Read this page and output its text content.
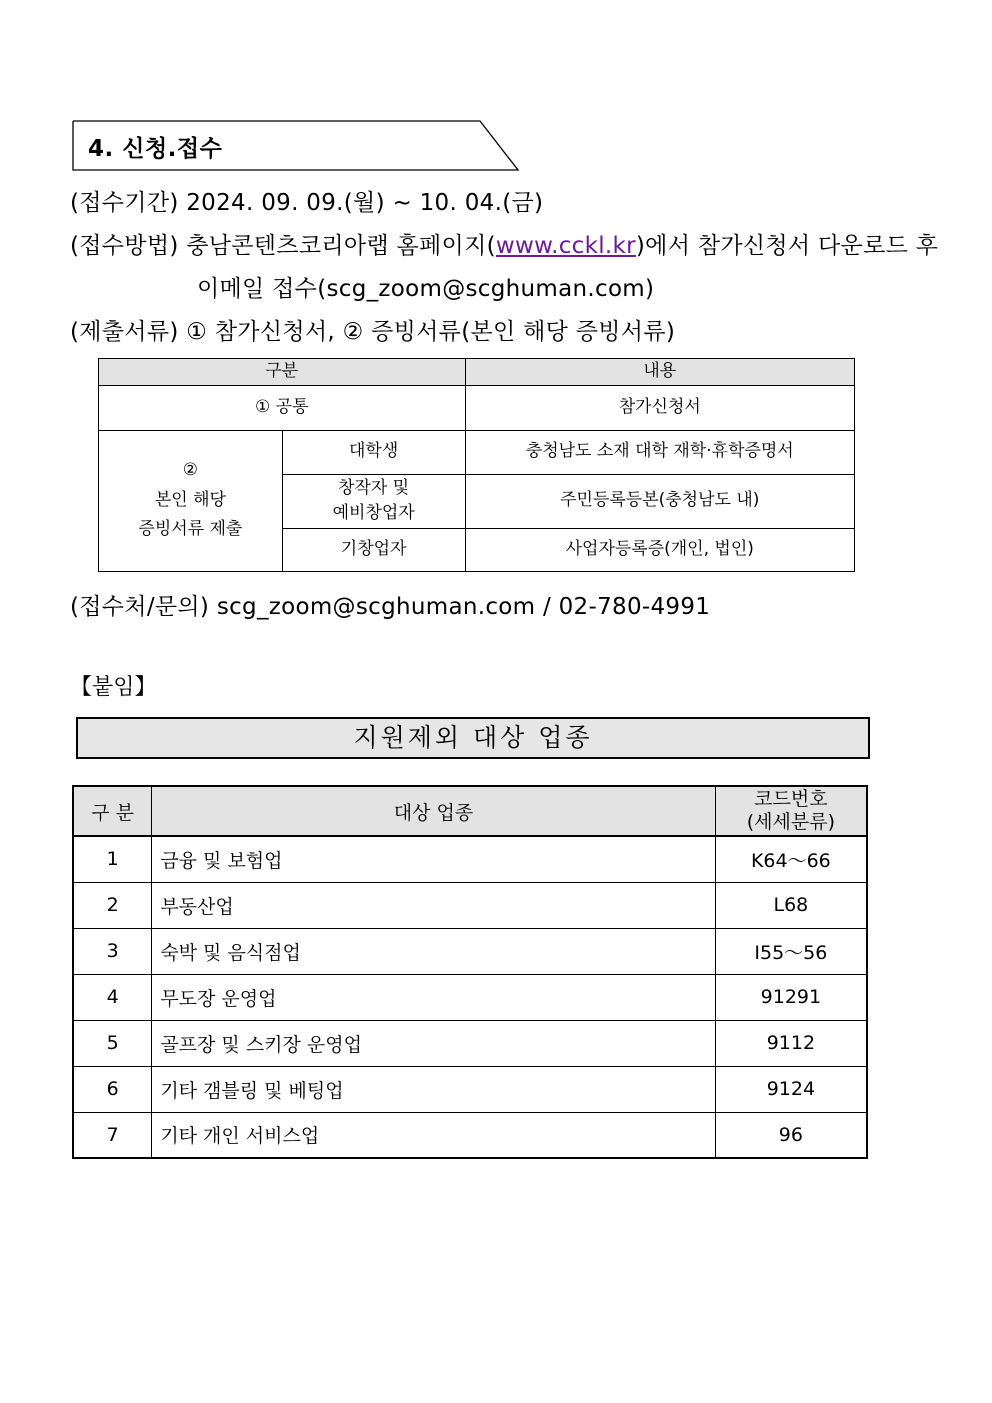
4. 신청.접수
(접수기간) 2024. 09. 09.(월) ~ 10. 04.(금)
(접수방법) 충남콘텐츠코리아랩 홈페이지(www.cckl.kr)에서 참가신청서 다운로드 후
이메일 접수(scg_zoom@scghuman.com)
(제출서류) ① 참가신청서, ② 증빙서류(본인 해당 증빙서류)
구분		내용
① 공통		참가신청서

②
본인 해당
증빙서류 제출	대학생	충청남도 소재 대학 재학·휴학증명서

	창작자 및
예비창업자	주민등록등본(충청남도 내)
	기창업자	사업자등록증(개인, 법인)
(접수처/문의) scg_zoom@scghuman.com / 02-780-4991
【붙임】
지원제외 대상 업종
구 분	대상 업종	코드번호
(세세분류)

1	금융 및 보험업	K64～66
2	부동산업	L68
3	숙박 및 음식점업	I55～56
4	무도장 운영업	91291
5	골프장 및 스키장 운영업	9112
6	기타 갬블링 및 베팅업	9124
7	기타 개인 서비스업	96
